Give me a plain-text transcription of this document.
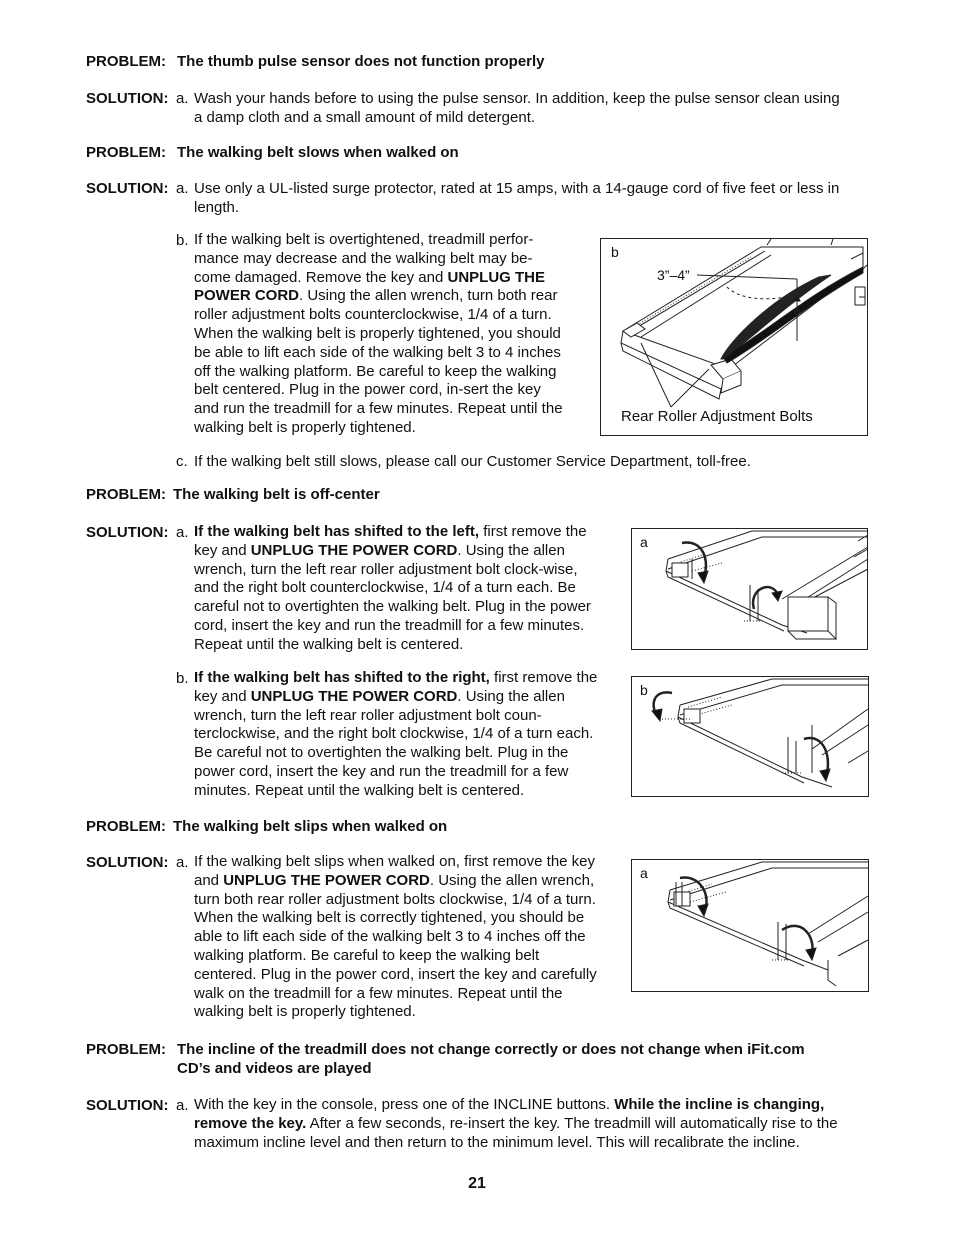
PROBLEM: The thumb pulse sensor does not function properly
SOLUTION: a. Wash your hands before to using the pulse sensor. In addition, keep the pulse sensor clean using
a damp cloth and a small amount of mild detergent.
PROBLEM: The walking belt slows when walked on
SOLUTION: a. Use only a UL-listed surge protector, rated at 15 amps, with a 14-gauge cord of five feet or less in
length.
b. If the walking belt is overtightened, treadmill perfor-mance may decrease and the walking belt may be-come damaged. Remove the key and UNPLUG THE POWER CORD. Using the allen wrench, turn both rear roller adjustment bolts counterclockwise, 1/4 of a turn. When the walking belt is properly tightened, you should be able to lift each side of the walking belt 3 to 4 inches off the walking platform. Be careful to keep the walking belt centered. Plug in the power cord, in-sert the key and run the treadmill for a few minutes. Repeat until the walking belt is properly tightened.
b
3”–4”
Rear Roller Adjustment Bolts
c. If the walking belt still slows, please call our Customer Service Department, toll-free.
PROBLEM: The walking belt is off-center
SOLUTION: a. If the walking belt has shifted to the left, first remove the key and UNPLUG THE POWER CORD. Using the allen wrench, turn the left rear roller adjustment bolt clock-wise, and the right bolt counterclockwise, 1/4 of a turn each. Be careful not to overtighten the walking belt. Plug in the power cord, insert the key and run the treadmill for a few minutes. Repeat until the walking belt is centered.
a
b. If the walking belt has shifted to the right, first remove the key and UNPLUG THE POWER CORD. Using the allen wrench, turn the left rear roller adjustment bolt coun-terclockwise, and the right bolt clockwise, 1/4 of a turn each. Be careful not to overtighten the walking belt. Plug in the power cord, insert the key and run the treadmill for a few minutes. Repeat until the walking belt is centered.
b
PROBLEM: The walking belt slips when walked on
SOLUTION: a. If the walking belt slips when walked on, first remove the key and UNPLUG THE POWER CORD. Using the allen wrench, turn both rear roller adjustment bolts clockwise, 1/4 of a turn. When the walking belt is correctly tightened, you should be able to lift each side of the walking belt 3 to 4 inches off the walking platform. Be careful to keep the walking belt centered. Plug in the power cord, insert the key and carefully walk on the treadmill for a few minutes. Repeat until the walking belt is properly tightened.
a
PROBLEM: The incline of the treadmill does not change correctly or does not change when iFit.com
CD’s and videos are played
SOLUTION: a. With the key in the console, press one of the INCLINE buttons. While the incline is changing, remove the key. After a few seconds, re-insert the key. The treadmill will automatically rise to the maximum incline level and then return to the minimum level. This will recalibrate the incline.
21
